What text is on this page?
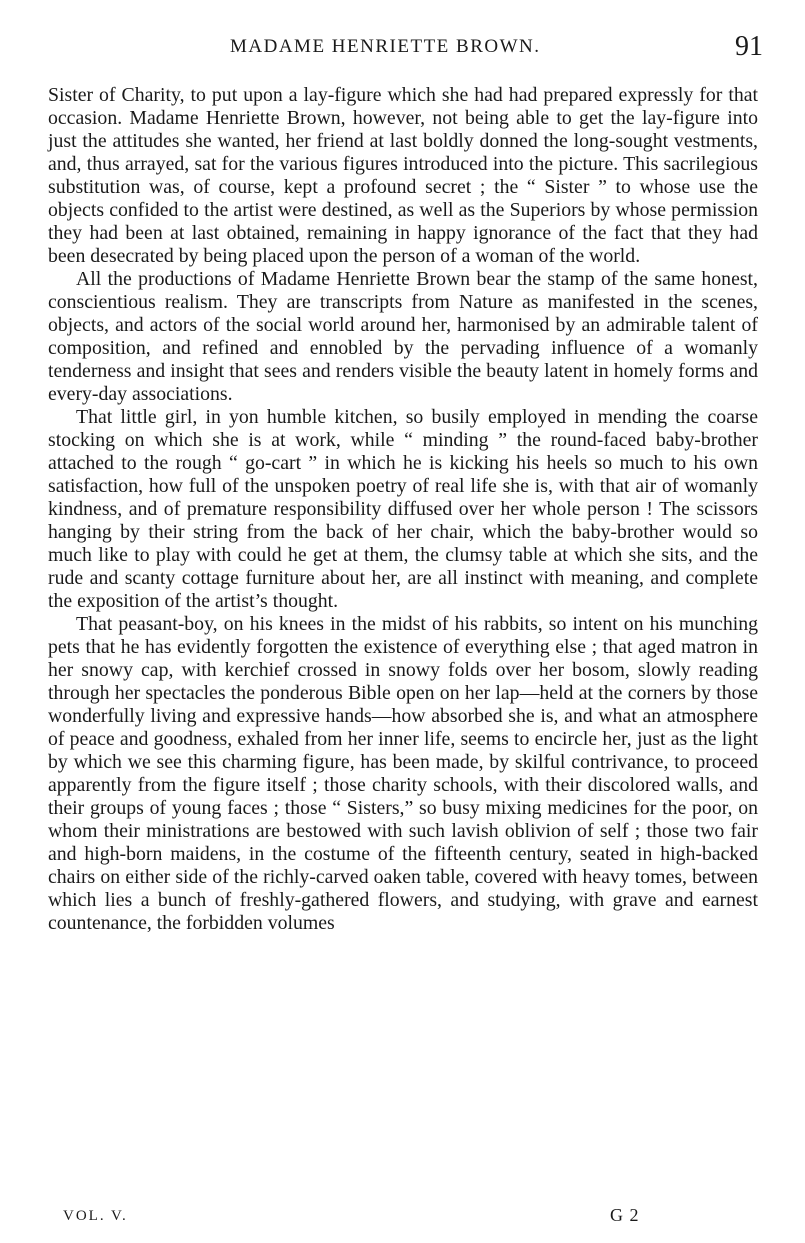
MADAME HENRIETTE BROWN.	91

Sister of Charity, to put upon a lay-figure which she had had prepared expressly for that occasion. Madame Henriette Brown, however, not being able to get the lay-figure into just the attitudes she wanted, her friend at last boldly donned the long-sought vestments, and, thus arrayed, sat for the various figures introduced into the picture. This sacrilegious substitution was, of course, kept a profound secret ; the “ Sister ” to whose use the objects confided to the artist were destined, as well as the Superiors by whose permission they had been at last obtained, remaining in happy ignorance of the fact that they had been desecrated by being placed upon the person of a woman of the world.

All the productions of Madame Henriette Brown bear the stamp of the same honest, conscientious realism. They are transcripts from Nature as manifested in the scenes, objects, and actors of the social world around her, harmonised by an admirable talent of composition, and refined and ennobled by the pervading influence of a womanly tenderness and insight that sees and renders visible the beauty latent in homely forms and every-day associations.

That little girl, in yon humble kitchen, so busily employed in mending the coarse stocking on which she is at work, while “ minding ” the round-faced baby-brother attached to the rough “ go-cart ” in which he is kicking his heels so much to his own satisfaction, how full of the unspoken poetry of real life she is, with that air of womanly kindness, and of premature responsibility diffused over her whole person ! The scissors hanging by their string from the back of her chair, which the baby-brother would so much like to play with could he get at them, the clumsy table at which she sits, and the rude and scanty cottage furniture about her, are all instinct with meaning, and complete the exposition of the artist’s thought.

That peasant-boy, on his knees in the midst of his rabbits, so intent on his munching pets that he has evidently forgotten the existence of everything else ; that aged matron in her snowy cap, with kerchief crossed in snowy folds over her bosom, slowly reading through her spectacles the ponderous Bible open on her lap—held at the corners by those wonderfully living and expressive hands—how absorbed she is, and what an atmosphere of peace and goodness, exhaled from her inner life, seems to encircle her, just as the light by which we see this charming figure, has been made, by skilful contrivance, to proceed apparently from the figure itself ; those charity schools, with their discolored walls, and their groups of young faces ; those “ Sisters,” so busy mixing medicines for the poor, on whom their ministrations are bestowed with such lavish oblivion of self ; those two fair and high-born maidens, in the costume of the fifteenth century, seated in high-backed chairs on either side of the richly-carved oaken table, covered with heavy tomes, between which lies a bunch of freshly-gathered flowers, and studying, with grave and earnest countenance, the forbidden volumes

VOL. V.	G 2
